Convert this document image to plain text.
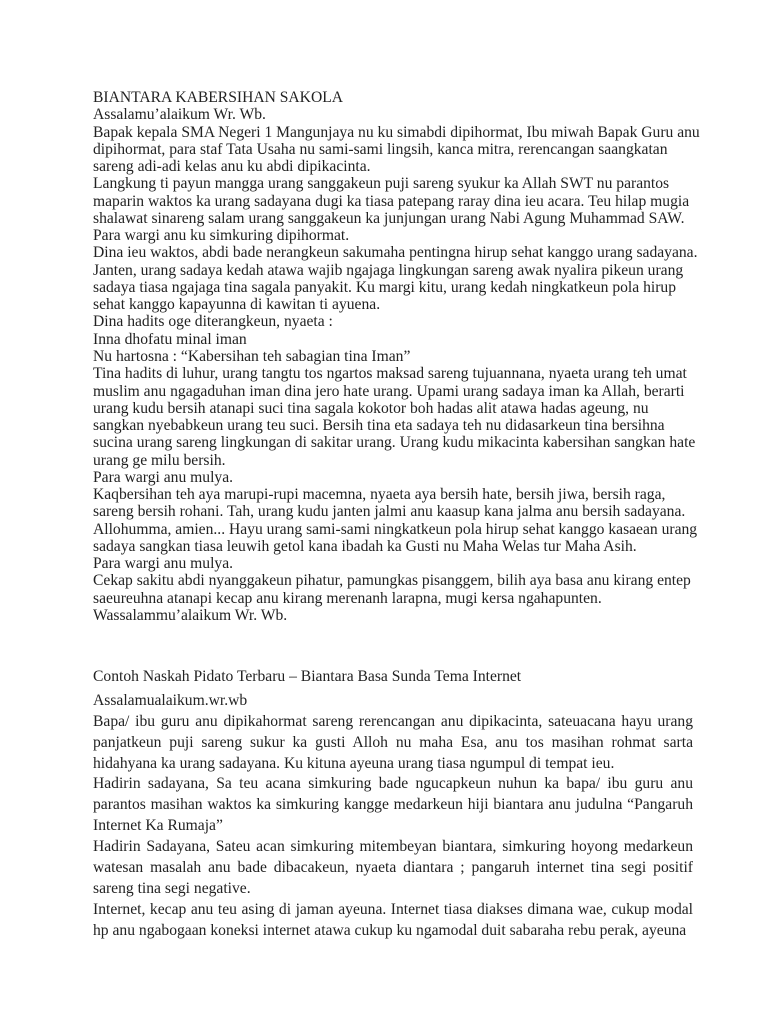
BIANTARA KABERSIHAN SAKOLA
Assalamu’alaikum Wr. Wb.
Bapak kepala SMA Negeri 1 Mangunjaya nu ku simabdi dipihormat, Ibu miwah Bapak Guru anu
dipihormat, para staf Tata Usaha nu sami-sami lingsih, kanca mitra, rerencangan saangkatan
sareng adi-adi kelas anu ku abdi dipikacinta.
Langkung ti payun mangga urang sanggakeun puji sareng syukur ka Allah SWT nu parantos
maparin waktos ka urang sadayana dugi ka tiasa patepang raray dina ieu acara. Teu hilap mugia
shalawat sinareng salam urang sanggakeun ka junjungan urang Nabi Agung Muhammad SAW.
Para wargi anu ku simkuring dipihormat.
Dina ieu waktos, abdi bade nerangkeun sakumaha pentingna hirup sehat kanggo urang sadayana.
Janten, urang sadaya kedah atawa wajib ngajaga lingkungan sareng awak nyalira pikeun urang
sadaya tiasa ngajaga tina sagala panyakit. Ku margi kitu, urang kedah ningkatkeun pola hirup
sehat kanggo kapayunna di kawitan ti ayuena.
Dina hadits oge diterangkeun, nyaeta :
Inna dhofatu minal iman
Nu hartosna : “Kabersihan teh sabagian tina Iman”
Tina hadits di luhur, urang tangtu tos ngartos maksad sareng tujuannana, nyaeta urang teh umat
muslim anu ngagaduhan iman dina jero hate urang. Upami urang sadaya iman ka Allah, berarti
urang kudu bersih atanapi suci tina sagala kokotor boh hadas alit atawa hadas ageung, nu
sangkan nyebabkeun urang teu suci. Bersih tina eta sadaya teh nu didasarkeun tina bersihna
sucina urang sareng lingkungan di sakitar urang. Urang kudu mikacinta kabersihan sangkan hate
urang ge milu bersih.
Para wargi anu mulya.
Kaqbersihan teh aya marupi-rupi macemna, nyaeta aya bersih hate, bersih jiwa, bersih raga,
sareng bersih rohani. Tah, urang kudu janten jalmi anu kaasup kana jalma anu bersih sadayana.
Allohumma, amien... Hayu urang sami-sami ningkatkeun pola hirup sehat kanggo kasaean urang
sadaya sangkan tiasa leuwih getol kana ibadah ka Gusti nu Maha Welas tur Maha Asih.
Para wargi anu mulya.
Cekap sakitu abdi nyanggakeun pihatur, pamungkas pisanggem, bilih aya basa anu kirang entep
saeureuhna atanapi kecap anu kirang merenanh larapna, mugi kersa ngahapunten.
Wassalammu’alaikum Wr. Wb.
Contoh Naskah Pidato Terbaru – Biantara Basa Sunda Tema Internet
Assalamualaikum.wr.wb
Bapa/ ibu guru anu dipikahormat sareng rerencangan anu dipikacinta, sateuacana hayu urang
panjatkeun puji sareng sukur ka gusti Alloh nu maha Esa, anu tos masihan rohmat sarta
hidahyana ka urang sadayana. Ku kituna ayeuna urang tiasa ngumpul di tempat ieu.
Hadirin sadayana, Sa teu acana simkuring bade ngucapkeun nuhun ka bapa/ ibu guru anu
parantos masihan waktos ka simkuring kangge medarkeun hiji biantara anu judulna “Pangaruh
Internet Ka Rumaja”
Hadirin Sadayana, Sateu acan simkuring mitembeyan biantara, simkuring hoyong medarkeun
watesan masalah anu bade dibacakeun, nyaeta diantara ; pangaruh internet tina segi positif
sareng tina segi negative.
Internet, kecap anu teu asing di jaman ayeuna. Internet tiasa diakses dimana wae, cukup modal
hp anu ngabogaan koneksi internet atawa cukup ku ngamodal duit sabaraha rebu perak, ayeuna
